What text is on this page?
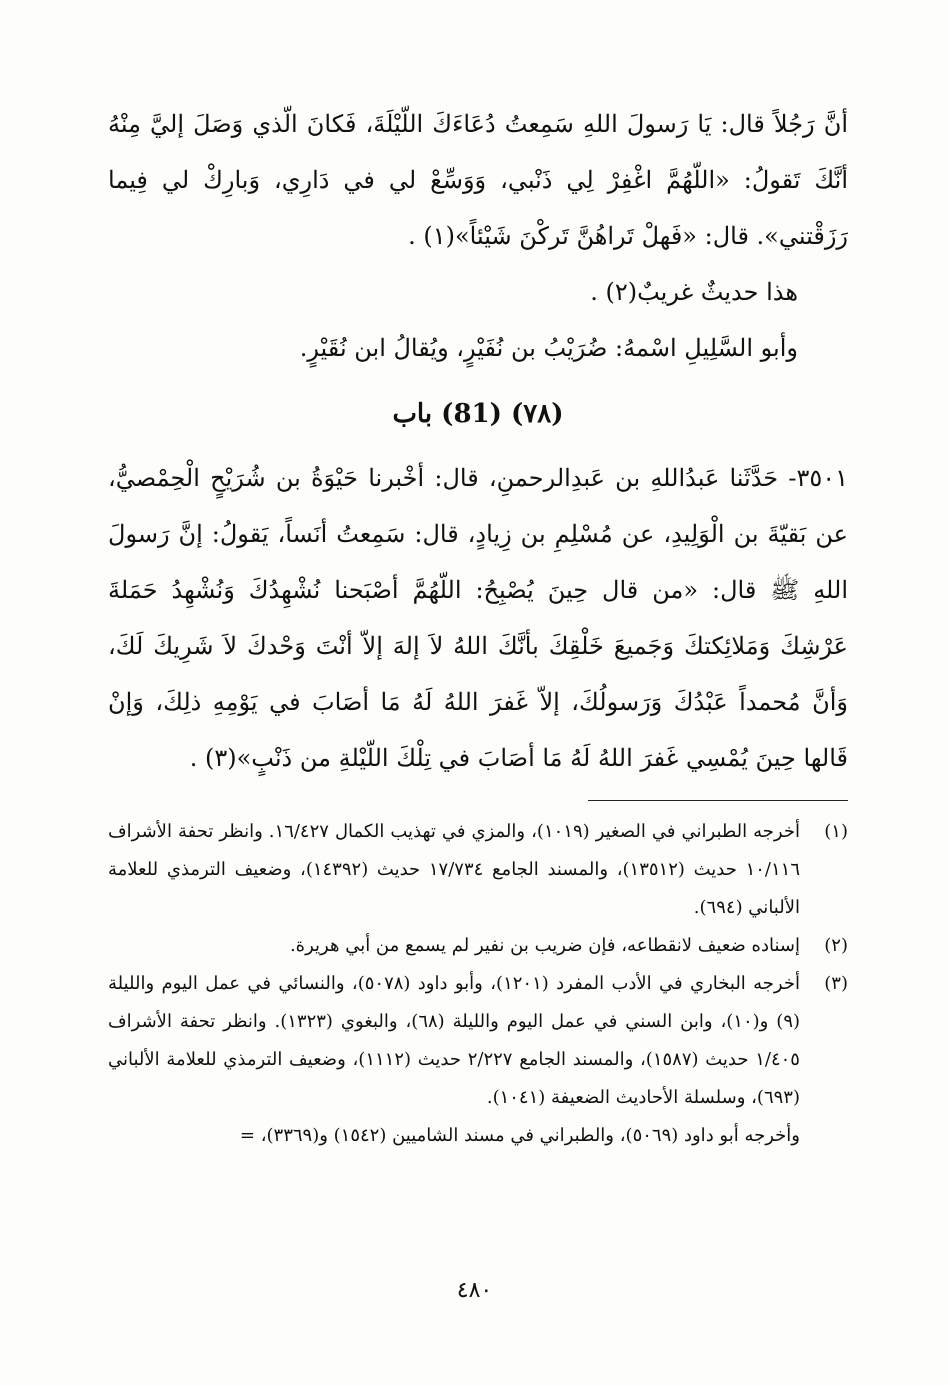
أنَّ رَجُلاً قال: يَا رَسولَ اللهِ سَمِعتُ دُعَاءَكَ اللّيْلَةَ، فَكانَ الّذي وَصَلَ إليَّ مِنْهُ أنَّكَ تَقولُ: «اللّهُمَّ اغْفِرْ لِي ذَنْبي، وَوَسِّعْ لي في دَارِي، وَبارِكْ لي فِيما رَزَقْتني». قال: «فَهلْ تَراهُنَّ تَركْنَ شَيْئاً»(١) .

هذا حديثٌ غريبٌ(٢) .

وأبو السَّلِيلِ اسْمهُ: ضُرَيْبُ بن نُفَيْرٍ، ويُقالُ ابن نُقَيْرٍ.

(٧٨) (81) باب

٣٥٠١- حَدَّثَنا عَبدُاللهِ بن عَبدِالرحمنِ، قال: أخْبرنا حَيْوَةُ بن شُرَيْحٍ الْحِمْصيُّ، عن بَقيّةَ بن الْوَلِيدِ، عن مُسْلِمِ بن زِيادٍ، قال: سَمِعتُ أنَساً، يَقولُ: إنَّ رَسولَ اللهِ ﷺ قال: «من قال حِينَ يُصْبِحُ: اللّهُمَّ أصْبَحنا نُشْهِدُكَ وَنُشْهِدُ حَمَلةَ عَرْشِكَ وَمَلائِكتكَ وَجَميعَ خَلْقِكَ بأنَّكَ اللهُ لاَ إلهَ إلاّ أنْتَ وَحْدكَ لاَ شَرِيكَ لَكَ، وَأنَّ مُحمداً عَبْدُكَ وَرَسولُكَ، إلاّ غَفرَ اللهُ لَهُ مَا أصَابَ في يَوْمِهِ ذلِكَ، وَإنْ قَالها حِينَ يُمْسِي غَفرَ اللهُ لَهُ مَا أصَابَ في تِلْكَ اللّيْلةِ من ذَنْبٍ»(٣) .

(١)
أخرجه الطبراني في الصغير (١٠١٩)، والمزي في تهذيب الكمال ١٦/٤٢٧. وانظر تحفة الأشراف ١٠/١١٦ حديث (١٣٥١٢)، والمسند الجامع ١٧/٧٣٤ حديث (١٤٣٩٢)، وضعيف الترمذي للعلامة الألباني (٦٩٤).
(٢)
إسناده ضعيف لانقطاعه، فإن ضريب بن نفير لم يسمع من أبي هريرة.
(٣)
أخرجه البخاري في الأدب المفرد (١٢٠١)، وأبو داود (٥٠٧٨)، والنسائي في عمل اليوم والليلة (٩) و(١٠)، وابن السني في عمل اليوم والليلة (٦٨)، والبغوي (١٣٢٣). وانظر تحفة الأشراف ١/٤٠٥ حديث (١٥٨٧)، والمسند الجامع ٢/٢٢٧ حديث (١١١٢)، وضعيف الترمذي للعلامة الألباني (٦٩٣)، وسلسلة الأحاديث الضعيفة (١٠٤١).
وأخرجه أبو داود (٥٠٦٩)، والطبراني في مسند الشاميين (١٥٤٢) و(٣٣٦٩)، =
٤٨٠
